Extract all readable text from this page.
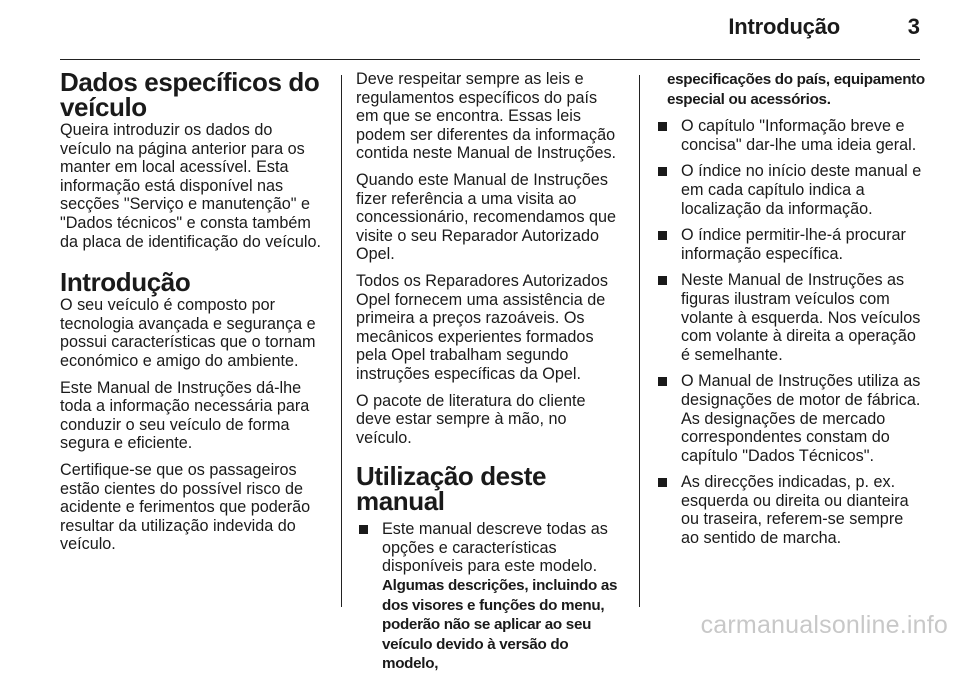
Introdução	3
Dados específicos do veículo

Queira introduzir os dados do veículo na página anterior para os manter em local acessível. Esta informação está disponível nas secções "Serviço e manutenção" e "Dados técnicos" e consta também da placa de identificação do veículo.

Introdução

O seu veículo é composto por tecnologia avançada e segurança e possui características que o tornam económico e amigo do ambiente.

Este Manual de Instruções dá-lhe toda a informação necessária para conduzir o seu veículo de forma segura e eficiente.

Certifique-se que os passageiros estão cientes do possível risco de acidente e ferimentos que poderão resultar da utilização indevida do veículo.

Deve respeitar sempre as leis e regulamentos específicos do país em que se encontra. Essas leis podem ser diferentes da informação contida neste Manual de Instruções.

Quando este Manual de Instruções fizer referência a uma visita ao concessionário, recomendamos que visite o seu Reparador Autorizado Opel.

Todos os Reparadores Autorizados Opel fornecem uma assistência de primeira a preços razoáveis. Os mecânicos experientes formados pela Opel trabalham segundo instruções específicas da Opel.

O pacote de literatura do cliente deve estar sempre à mão, no veículo.

Utilização deste manual
Este manual descreve todas as opções e características disponíveis para este modelo. Algumas descrições, incluindo as dos visores e funções do menu, poderão não se aplicar ao seu veículo devido à versão do modelo,
especificações do país, equipamento especial ou acessórios.
O capítulo "Informação breve e concisa" dar-lhe uma ideia geral.
O índice no início deste manual e em cada capítulo indica a localização da informação.
O índice permitir-lhe-á procurar informação específica.
Neste Manual de Instruções as figuras ilustram veículos com volante à esquerda. Nos veículos com volante à direita a operação é semelhante.
O Manual de Instruções utiliza as designações de motor de fábrica. As designações de mercado correspondentes constam do capítulo "Dados Técnicos".
As direcções indicadas, p. ex. esquerda ou direita ou dianteira ou traseira, referem-se sempre ao sentido de marcha.
carmanualsonline.info
